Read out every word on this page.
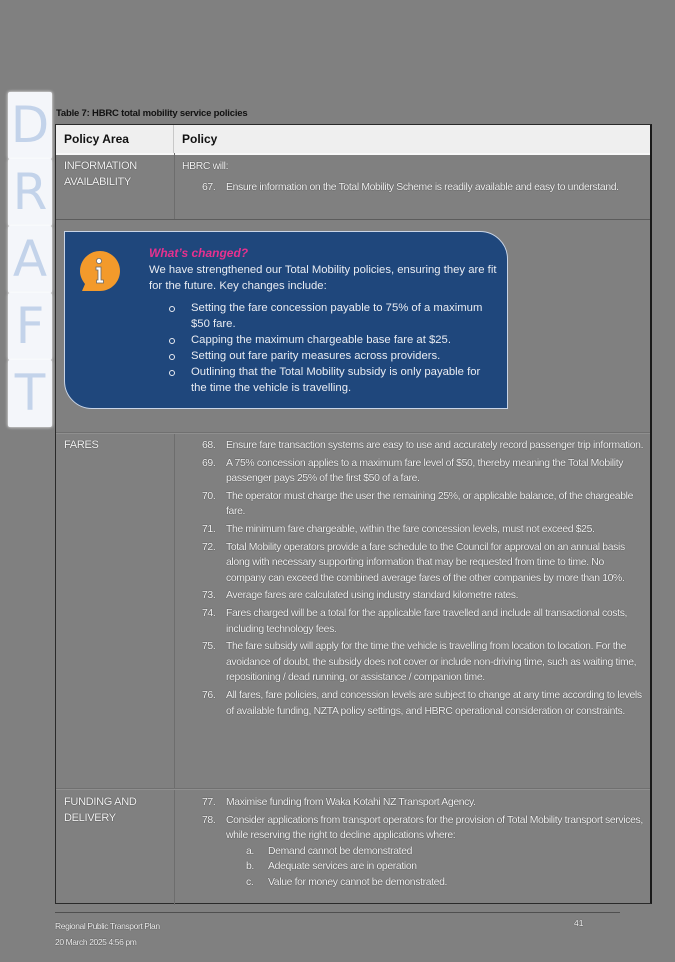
D
R
A
F
T
Table 7: HBRC total mobility service policies
Policy Area	Policy
INFORMATION AVAILABILITY
HBRC will:
67.	Ensure information on the Total Mobility Scheme is readily available and easy to understand.
FARES	68.	Ensure fare transaction systems are easy to use and accurately record passenger trip information.
69.	A 75% concession applies to a maximum fare level of $50, thereby meaning the Total Mobility passenger pays 25% of the first $50 of a fare.
70.	The operator must charge the user the remaining 25%, or applicable balance, of the chargeable fare.
71.	The minimum fare chargeable, within the fare concession levels, must not exceed $25.
72.	Total Mobility operators provide a fare schedule to the Council for approval on an annual basis along with necessary supporting information that may be requested from time to time. No company can exceed the combined average fares of the other companies by more than 10%.
73.	Average fares are calculated using industry standard kilometre rates.
74.	Fares charged will be a total for the applicable fare travelled and include all transactional costs, including technology fees.
75.	The fare subsidy will apply for the time the vehicle is travelling from location to location. For the avoidance of doubt, the subsidy does not cover or include non-driving time, such as waiting time, repositioning / dead running, or assistance / companion time.
76.	All fares, fare policies, and concession levels are subject to change at any time according to levels of available funding, NZTA policy settings, and HBRC operational consideration or constraints.
FUNDING AND DELIVERY
77.	Maximise funding from Waka Kotahi NZ Transport Agency.
78.	Consider applications from transport operators for the provision of Total Mobility transport services, while reserving the right to decline applications where:
a.	Demand cannot be demonstrated
b.	Adequate services are in operation
c.	Value for money cannot be demonstrated.
What’s changed?
We have strengthened our Total Mobility policies, ensuring they are fit for the future. Key changes include:
Setting the fare concession payable to 75% of a maximum $50 fare.
Capping the maximum chargeable base fare at $25.
Setting out fare parity measures across providers.
Outlining that the Total Mobility subsidy is only payable for the time the vehicle is travelling.
Regional Public Transport Plan
20 March 2025 4:56 pm
41
